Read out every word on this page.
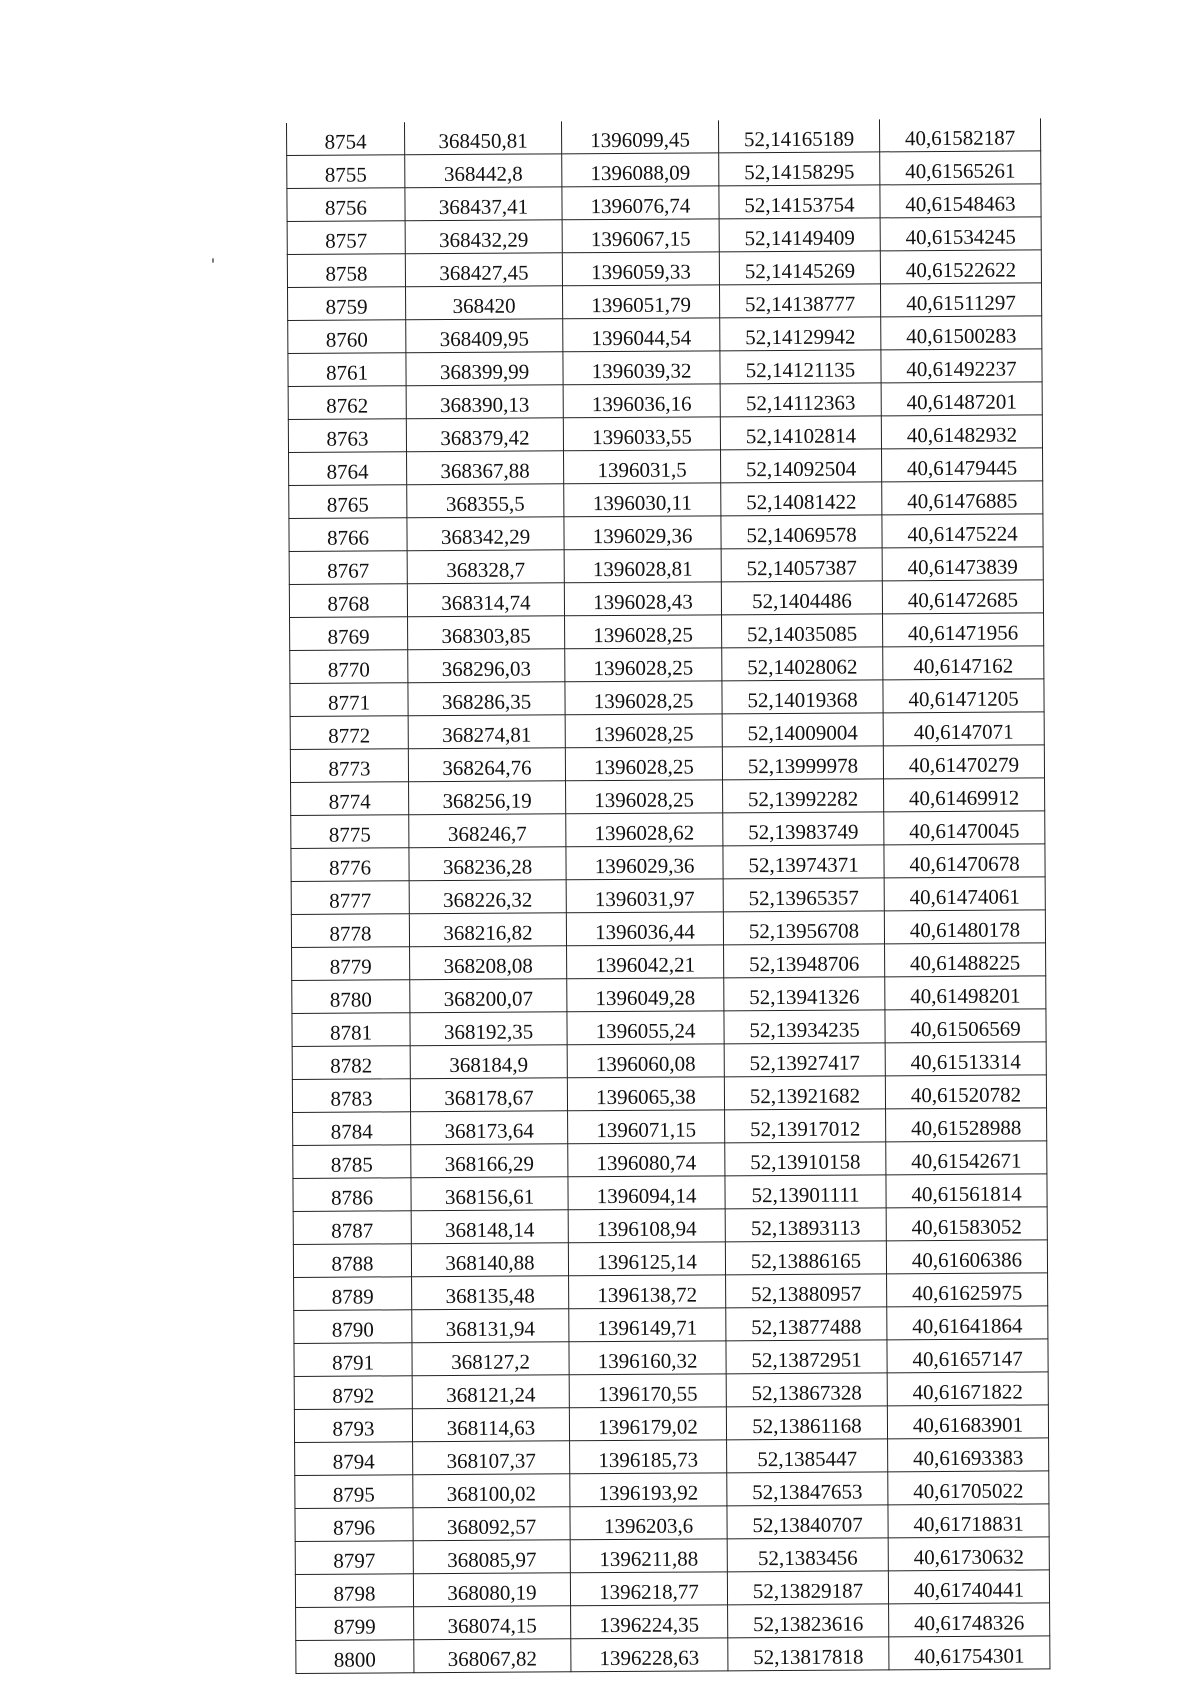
8754	368450,81	1396099,45	52,14165189	40,61582187
8755	368442,8	1396088,09	52,14158295	40,61565261
8756	368437,41	1396076,74	52,14153754	40,61548463
8757	368432,29	1396067,15	52,14149409	40,61534245
8758	368427,45	1396059,33	52,14145269	40,61522622
8759	368420	1396051,79	52,14138777	40,61511297
8760	368409,95	1396044,54	52,14129942	40,61500283
8761	368399,99	1396039,32	52,14121135	40,61492237
8762	368390,13	1396036,16	52,14112363	40,61487201
8763	368379,42	1396033,55	52,14102814	40,61482932
8764	368367,88	1396031,5	52,14092504	40,61479445
8765	368355,5	1396030,11	52,14081422	40,61476885
8766	368342,29	1396029,36	52,14069578	40,61475224
8767	368328,7	1396028,81	52,14057387	40,61473839
8768	368314,74	1396028,43	52,1404486	40,61472685
8769	368303,85	1396028,25	52,14035085	40,61471956
8770	368296,03	1396028,25	52,14028062	40,6147162
8771	368286,35	1396028,25	52,14019368	40,61471205
8772	368274,81	1396028,25	52,14009004	40,6147071
8773	368264,76	1396028,25	52,13999978	40,61470279
8774	368256,19	1396028,25	52,13992282	40,61469912
8775	368246,7	1396028,62	52,13983749	40,61470045
8776	368236,28	1396029,36	52,13974371	40,61470678
8777	368226,32	1396031,97	52,13965357	40,61474061
8778	368216,82	1396036,44	52,13956708	40,61480178
8779	368208,08	1396042,21	52,13948706	40,61488225
8780	368200,07	1396049,28	52,13941326	40,61498201
8781	368192,35	1396055,24	52,13934235	40,61506569
8782	368184,9	1396060,08	52,13927417	40,61513314
8783	368178,67	1396065,38	52,13921682	40,61520782
8784	368173,64	1396071,15	52,13917012	40,61528988
8785	368166,29	1396080,74	52,13910158	40,61542671
8786	368156,61	1396094,14	52,13901111	40,61561814
8787	368148,14	1396108,94	52,13893113	40,61583052
8788	368140,88	1396125,14	52,13886165	40,61606386
8789	368135,48	1396138,72	52,13880957	40,61625975
8790	368131,94	1396149,71	52,13877488	40,61641864
8791	368127,2	1396160,32	52,13872951	40,61657147
8792	368121,24	1396170,55	52,13867328	40,61671822
8793	368114,63	1396179,02	52,13861168	40,61683901
8794	368107,37	1396185,73	52,1385447	40,61693383
8795	368100,02	1396193,92	52,13847653	40,61705022
8796	368092,57	1396203,6	52,13840707	40,61718831
8797	368085,97	1396211,88	52,1383456	40,61730632
8798	368080,19	1396218,77	52,13829187	40,61740441
8799	368074,15	1396224,35	52,13823616	40,61748326
8800	368067,82	1396228,63	52,13817818	40,61754301
